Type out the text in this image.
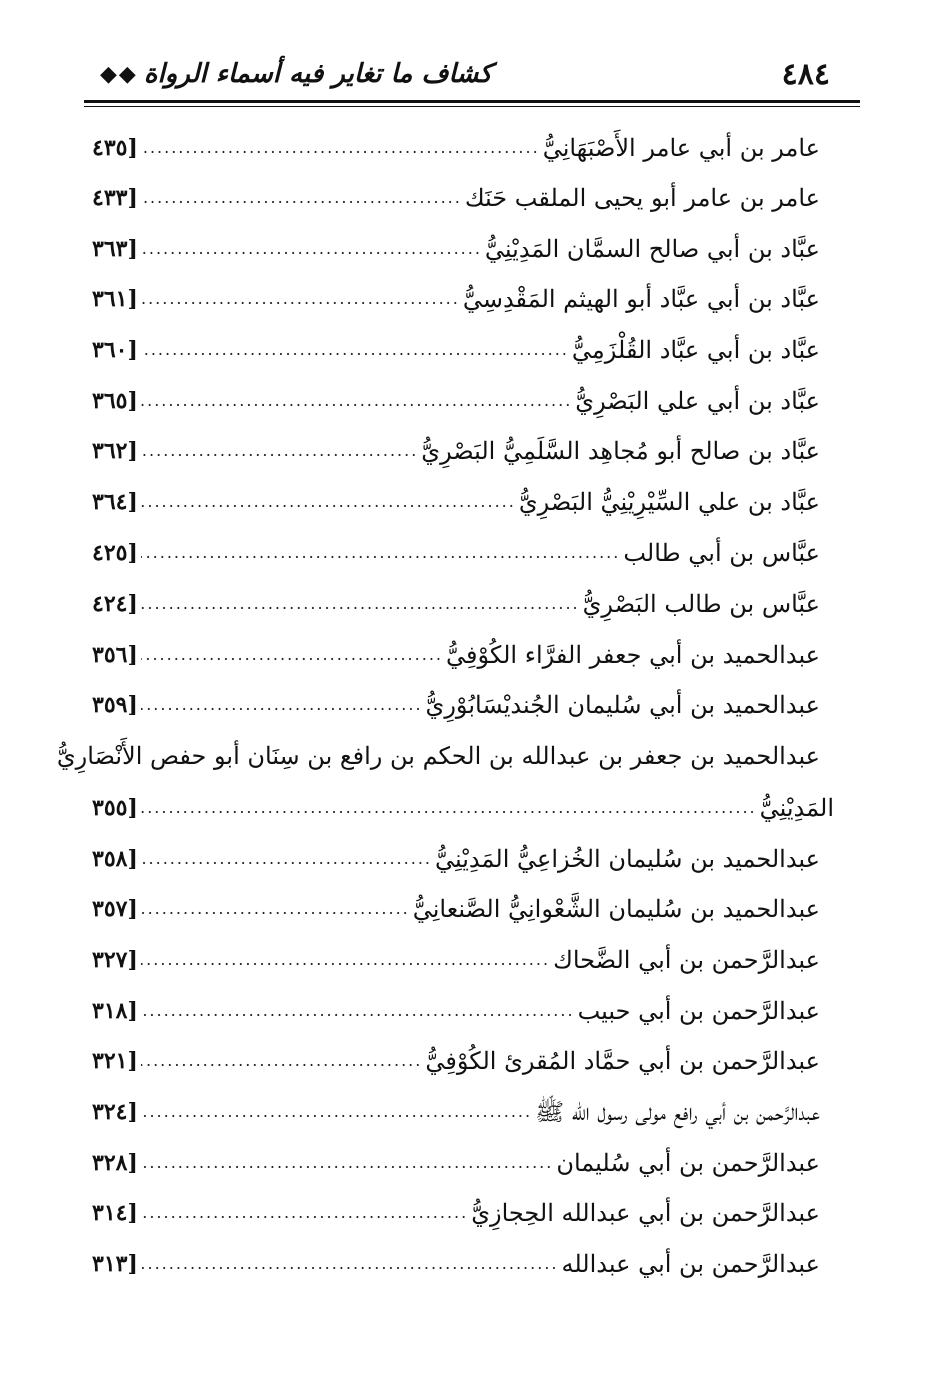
كشاف ما تغاير فيه أسماء الرواة
◆◆	٤٨٤
عامر بن أبي عامر الأَصْبَهَانِيُّ
.....
[٤٣٥
عامر بن عامر أبو يحيى الملقب حَنَك
.....
[٤٣٣
عبَّاد بن أبي صالح السمَّان المَدِيْنِيُّ
.....
[٣٦٣
عبَّاد بن أبي عبَّاد أبو الهيثم المَقْدِسِيُّ
.....
[٣٦١
عبَّاد بن أبي عبَّاد القُلْزَمِيُّ
.....
[٣٦٠
عبَّاد بن أبي علي البَصْرِيُّ
.....
[٣٦٥
عبَّاد بن صالح أبو مُجاهِد السَّلَمِيُّ البَصْرِيُّ
.....
[٣٦٢
عبَّاد بن علي السِّيْرِيْنِيُّ البَصْرِيُّ
.....
[٣٦٤
عبَّاس بن أبي طالب
.....
[٤٢٥
عبَّاس بن طالب البَصْرِيُّ
.....
[٤٢٤
عبدالحميد بن أبي جعفر الفرَّاء الكُوْفِيُّ
.....
[٣٥٦
عبدالحميد بن أبي سُليمان الجُنديْسَابُوْرِيُّ
.....
[٣٥٩
عبدالحميد بن جعفر بن عبدالله بن الحكم بن رافع بن سِنَان أبو حفص الأَنْصَارِيُّ
المَدِيْنِيُّ
.....
[٣٥٥
عبدالحميد بن سُليمان الخُزاعِيُّ المَدِيْنِيُّ
.....
[٣٥٨
عبدالحميد بن سُليمان الشَّعْوانِيُّ الصَّنعانِيُّ
.....
[٣٥٧
عبدالرَّحمن بن أبي الضَّحاك
.....
[٣٢٧
عبدالرَّحمن بن أبي حبيب
.....
[٣١٨
عبدالرَّحمن بن أبي حمَّاد المُقرئ الكُوْفِيُّ
.....
[٣٢١
عبدالرَّحمن بن أبي رافع مولى رسول الله ﷺ
.....
[٣٢٤
عبدالرَّحمن بن أبي سُليمان
.....
[٣٢٨
عبدالرَّحمن بن أبي عبدالله الحِجازِيُّ
.....
[٣١٤
عبدالرَّحمن بن أبي عبدالله
.....
[٣١٣
